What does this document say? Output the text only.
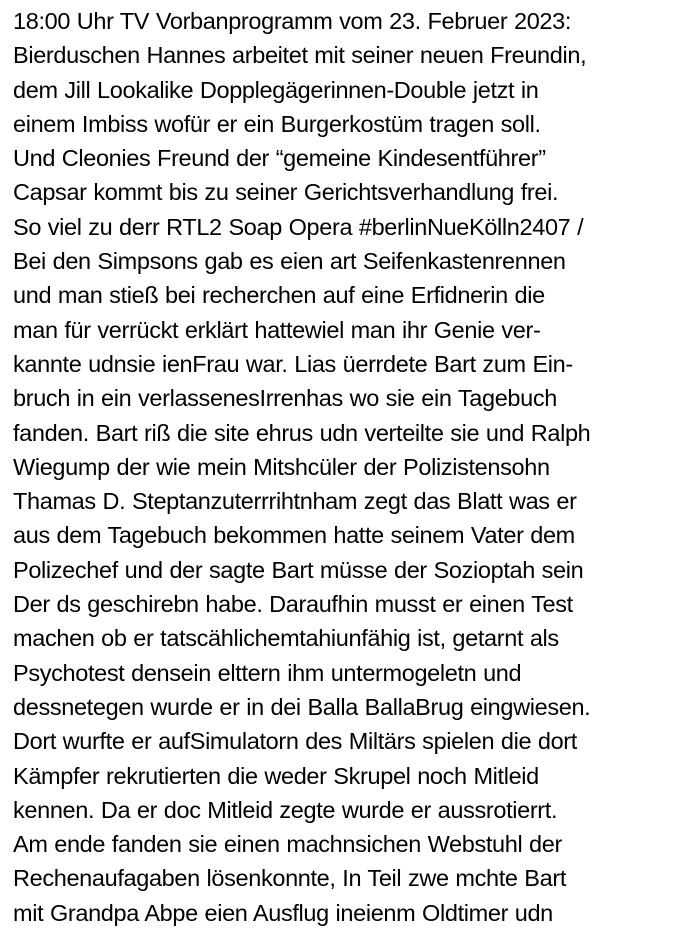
18:00 Uhr TV Vorbanprogramm vom 23. Februer 2023:
Bierduschen Hannes arbeitet mit seiner neuen Freundin,
dem Jill Lookalike Dopplegägerinnen-Double jetzt in
einem Imbiss wofür er ein Burgerkostüm tragen soll.
Und Cleonies Freund der “gemeine Kindesentführer”
Capsar kommt bis zu seiner Gerichtsverhandlung frei.
So viel zu derr RTL2 Soap Opera #berlinNueKölln2407 /
Bei den Simpsons gab es eien art Seifenkastenrennen
und man stieß bei recherchen auf eine Erfidnerin die
man für verrückt erklärt hattewiel man ihr Genie ver-
kannte udnsie ienFrau war. Lias üerrdete Bart zum Ein-
bruch in ein verlassenesIrrenhas wo sie ein Tagebuch
fanden. Bart riß die site ehrus udn verteilte sie und Ralph
Wiegump der wie mein Mitshcüler der Polizistensohn
Thamas D. Steptanzuterrrihtnham zegt das Blatt was er
aus dem Tagebuch bekommen hatte seinem Vater dem
Polizechef und der sagte Bart müsse der Sozioptah sein
Der ds geschirebn habe. Daraufhin musst er einen Test
machen ob er tatscählichemtahiunfähig ist, getarnt als
Psychotest densein elttern ihm untermogeletn und
dessnetegen wurde er in dei Balla BallaBrug eingwiesen.
Dort wurfte er aufSimulatorn des Miltärs spielen die dort
Kämpfer rekrutierten die weder Skrupel noch Mitleid
kennen. Da er doc Mitleid zegte wurde er aussrotierrt.
Am ende fanden sie einen machnsichen Webstuhl der
Rechenaufagaben lösenkonnte, In Teil zwe mchte Bart
mit Grandpa Abpe eien Ausflug ineienm Oldtimer udn
